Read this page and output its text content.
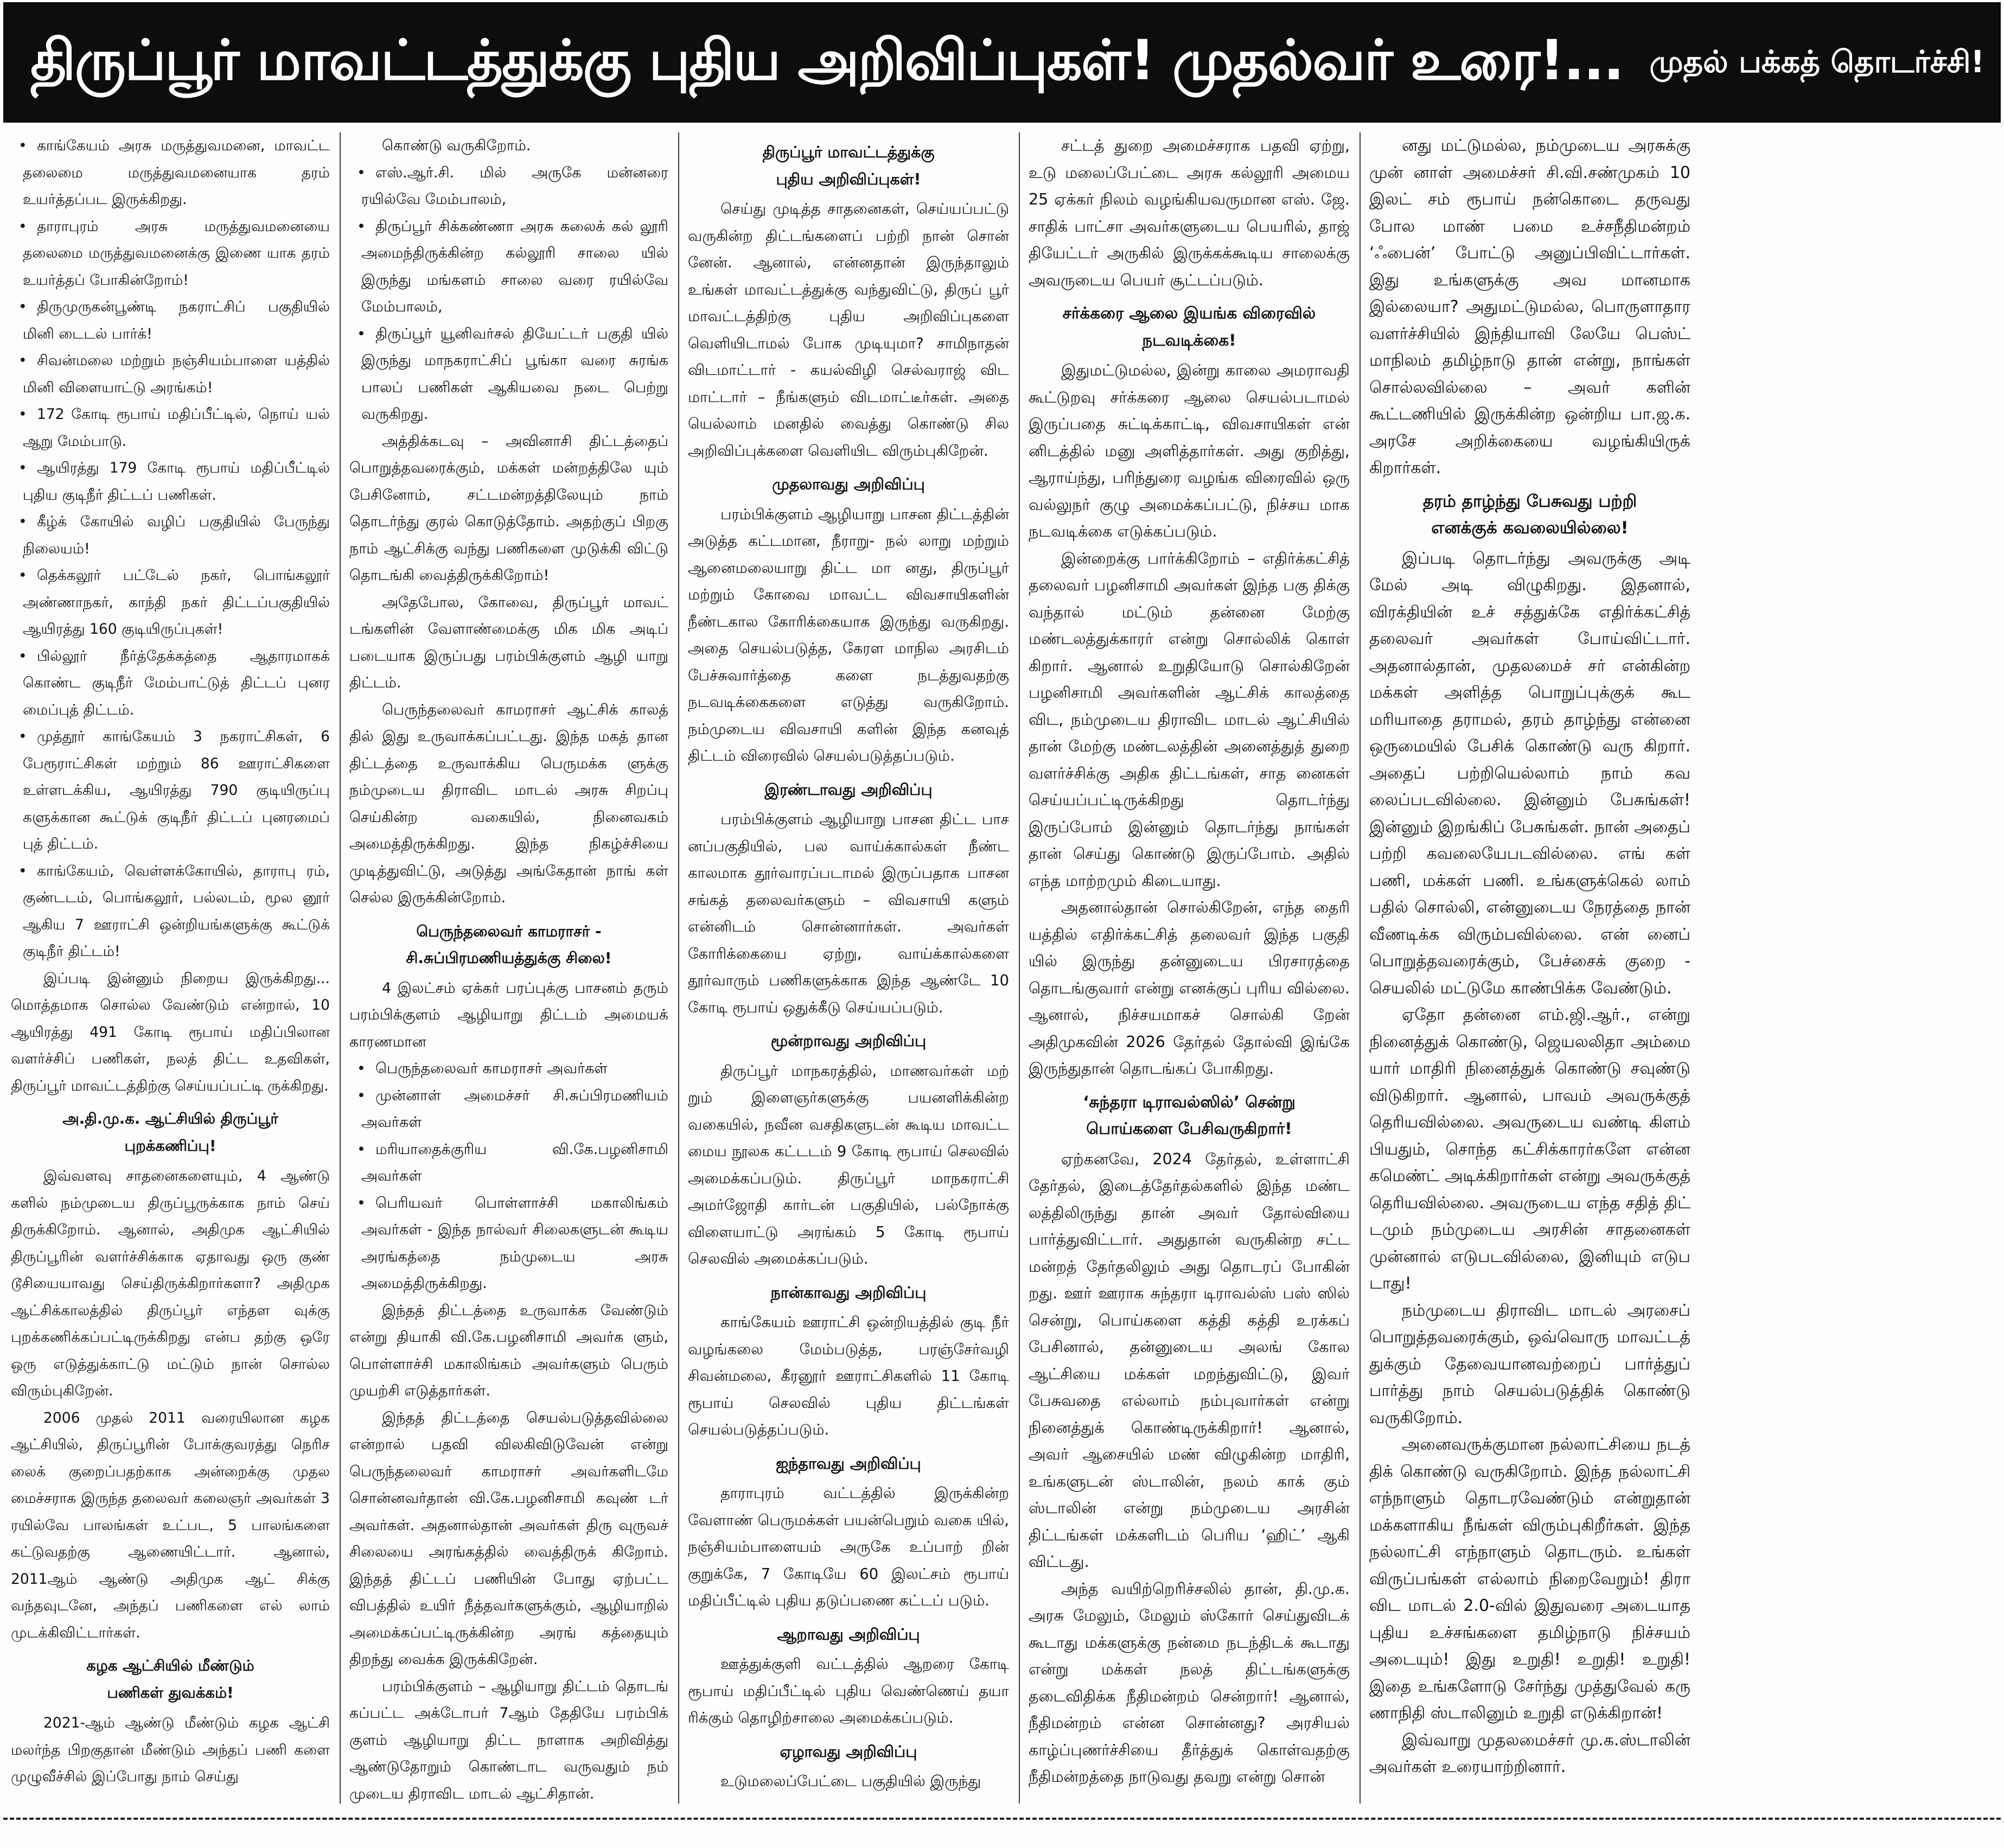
திருப்பூர் மாவட்டத்துக்கு புதிய அறிவிப்புகள்! முதல்வர் உரை!... முதல் பக்கத் தொடர்ச்சி!

• காங்கேயம் அரசு மருத்துவமனை, மாவட்ட தலைமை மருத்துவமனையாக தரம் உயர்த்தப்பட இருக்கிறது.

• தாராபுரம் அரசு மருத்துவமனையை தலைமை மருத்துவமனைக்கு இணை யாக தரம் உயர்த்தப் போகின்றோம்!

• திருமுருகன்பூண்டி நகராட்சிப் பகுதியில் மினி டைடல் பார்க்!

• சிவன்மலை மற்றும் நஞ்சியம்பாளை யத்தில் மினி விளையாட்டு அரங்கம்!

• 172 கோடி ரூபாய் மதிப்பீட்டில், நொய் யல் ஆறு மேம்பாடு.

• ஆயிரத்து 179 கோடி ரூபாய் மதிப்பீட்டில் புதிய குடிநீர் திட்டப் பணிகள்.

• கீழ்க் கோயில் வழிப் பகுதியில் பேருந்து நிலையம்!

• தெக்கலூர் பட்டேல் நகர், பொங்கலூர் அண்ணாநகர், காந்தி நகர் திட்டப்பகுதியில் ஆயிரத்து 160 குடியிருப்புகள்!

• பில்லூர் நீர்த்தேக்கத்தை ஆதாரமாகக் கொண்ட குடிநீர் மேம்பாட்டுத் திட்டப் புனர மைப்புத் திட்டம்.

• முத்தூர் காங்கேயம் 3 நகராட்சிகள், 6 பேரூராட்சிகள் மற்றும் 86 ஊராட்சிகளை உள்ளடக்கிய, ஆயிரத்து 790 குடியிருப்பு களுக்கான கூட்டுக் குடிநீர் திட்டப் புனரமைப் புத் திட்டம்.

• காங்கேயம், வெள்ளக்கோயில், தாராபு ரம், குண்டடம், பொங்கலூர், பல்லடம், மூல னூர் ஆகிய 7 ஊராட்சி ஒன்றியங்களுக்கு கூட்டுக் குடிநீர் திட்டம்!

இப்படி இன்னும் நிறைய இருக்கிறது... மொத்தமாக சொல்ல வேண்டும் என்றால், 10 ஆயிரத்து 491 கோடி ரூபாய் மதிப்பிலான வளர்ச்சிப் பணிகள், நலத் திட்ட உதவிகள், திருப்பூர் மாவட்டத்திற்கு செய்யப்பட்டி ருக்கிறது.

அ.தி.மு.க. ஆட்சியில் திருப்பூர்
புறக்கணிப்பு!

இவ்வளவு சாதனைகளையும், 4 ஆண்டு களில் நம்முடைய திருப்பூருக்காக நாம் செய் திருக்கிறோம். ஆனால், அதிமுக ஆட்சியில் திருப்பூரின் வளர்ச்சிக்காக ஏதாவது ஒரு குண் டூசியையாவது செய்திருக்கிறார்களா? அதிமுக ஆட்சிக்காலத்தில் திருப்பூர் எந்தள வுக்கு புறக்கணிக்கப்பட்டிருக்கிறது என்ப தற்கு ஒரே ஒரு எடுத்துக்காட்டு மட்டும் நான் சொல்ல விரும்புகிறேன்.

2006 முதல் 2011 வரையிலான கழக ஆட்சியில், திருப்பூரின் போக்குவரத்து நெரிச லைக் குறைப்பதற்காக அன்றைக்கு முதல மைச்சராக இருந்த தலைவர் கலைஞர் அவர்கள் 3 ரயில்வே பாலங்கள் உட்பட, 5 பாலங்களை கட்டுவதற்கு ஆணையிட்டார். ஆனால், 2011ஆம் ஆண்டு அதிமுக ஆட் சிக்கு வந்தவுடனே, அந்தப் பணிகளை எல் லாம் முடக்கிவிட்டார்கள்.

கழக ஆட்சியில் மீண்டும்
பணிகள் துவக்கம்!

2021-ஆம் ஆண்டு மீண்டும் கழக ஆட்சி மலர்ந்த பிறகுதான் மீண்டும் அந்தப் பணி களை முழுவீச்சில் இப்போது நாம் செய்து

கொண்டு வருகிறோம்.

• எஸ்.ஆர்.சி. மில் அருகே மன்னரை ரயில்வே மேம்பாலம்,

• திருப்பூர் சிக்கண்ணா அரசு கலைக் கல் லூரி அமைந்திருக்கின்ற கல்லூரி சாலை யில் இருந்து மங்களம் சாலை வரை ரயில்வே மேம்பாலம்,

• திருப்பூர் யூனிவர்சல் தியேட்டர் பகுதி யில் இருந்து மாநகராட்சிப் பூங்கா வரை சுரங்க பாலப் பணிகள் ஆகியவை நடை பெற்று வருகிறது.

அத்திக்கடவு – அவினாசி திட்டத்தைப் பொறுத்தவரைக்கும், மக்கள் மன்றத்திலே யும் பேசினோம், சட்டமன்றத்திலேயும் நாம் தொடர்ந்து குரல் கொடுத்தோம். அதற்குப் பிறகு நாம் ஆட்சிக்கு வந்து பணிகளை முடுக்கி விட்டு தொடங்கி வைத்திருக்கிறோம்!

அதேபோல, கோவை, திருப்பூர் மாவட் டங்களின் வேளாண்மைக்கு மிக மிக அடிப் படையாக இருப்பது பரம்பிக்குளம் ஆழி யாறு திட்டம்.

பெருந்தலைவர் காமராசர் ஆட்சிக் காலத் தில் இது உருவாக்கப்பட்டது. இந்த மகத் தான திட்டத்தை உருவாக்கிய பெருமக்க ளுக்கு நம்முடைய திராவிட மாடல் அரசு சிறப்பு செய்கின்ற வகையில், நினைவகம் அமைத்திருக்கிறது. இந்த நிகழ்ச்சியை முடித்துவிட்டு, அடுத்து அங்கேதான் நாங் கள் செல்ல இருக்கின்றோம்.

பெருந்தலைவர் காமராசர் -
சி.சுப்பிரமணியத்துக்கு சிலை!

4 இலட்சம் ஏக்கர் பரப்புக்கு பாசனம் தரும் பரம்பிக்குளம் ஆழியாறு திட்டம் அமையக் காரணமான

• பெருந்தலைவர் காமராசர் அவர்கள்

• முன்னாள் அமைச்சர் சி.சுப்பிரமணியம் அவர்கள்

• மரியாதைக்குரிய வி.கே.பழனிசாமி அவர்கள்

• பெரியவர் பொள்ளாச்சி மகாலிங்கம் அவர்கள் - இந்த நால்வர் சிலைகளுடன் கூடிய அரங்கத்தை நம்முடைய அரசு அமைத்திருக்கிறது.

இந்தத் திட்டத்தை உருவாக்க வேண்டும் என்று தியாகி வி.கே.பழனிசாமி அவர்க ளும், பொள்ளாச்சி மகாலிங்கம் அவர்களும் பெரும் முயற்சி எடுத்தார்கள்.

இந்தத் திட்டத்தை செயல்படுத்தவில்லை என்றால் பதவி விலகிவிடுவேன் என்று பெருந்தலைவர் காமராசர் அவர்களிடமே சொன்னவர்தான் வி.கே.பழனிசாமி கவுண் டர் அவர்கள். அதனால்தான் அவர்கள் திரு வுருவச் சிலையை அரங்கத்தில் வைத்திருக் கிறோம். இந்தத் திட்டப் பணியின் போது ஏற்பட்ட விபத்தில் உயிர் நீத்தவர்களுக்கும், ஆழியாறில் அமைக்கப்பட்டிருக்கின்ற அரங் கத்தையும் திறந்து வைக்க இருக்கிறேன்.

பரம்பிக்குளம் – ஆழியாறு திட்டம் தொடங் கப்பட்ட அக்டோபர் 7ஆம் தேதியே பரம்பிக் குளம் ஆழியாறு திட்ட நாளாக அறிவித்து ஆண்டுதோறும் கொண்டாட வருவதும் நம் முடைய திராவிட மாடல் ஆட்சிதான்.

திருப்பூர் மாவட்டத்துக்கு
புதிய அறிவிப்புகள்!

செய்து முடித்த சாதனைகள், செய்யப்பட்டு வருகின்ற திட்டங்களைப் பற்றி நான் சொன் னேன். ஆனால், என்னதான் இருந்தாலும் உங்கள் மாவட்டத்துக்கு வந்துவிட்டு, திருப் பூர் மாவட்டத்திற்கு புதிய அறிவிப்புகளை வெளியிடாமல் போக முடியுமா? சாமிநாதன் விடமாட்டார் - கயல்விழி செல்வராஜ் விட மாட்டார் – நீங்களும் விடமாட்டீர்கள். அதை யெல்லாம் மனதில் வைத்து கொண்டு சில அறிவிப்புக்களை வெளியிட விரும்புகிறேன்.

முதலாவது அறிவிப்பு

பரம்பிக்குளம் ஆழியாறு பாசன திட்டத்தின் அடுத்த கட்டமான, நீராறு- நல் லாறு மற்றும் ஆனைமலையாறு திட்ட மா னது, திருப்பூர் மற்றும் கோவை மாவட்ட விவசாயிகளின் நீண்டகால கோரிக்கையாக இருந்து வருகிறது. அதை செயல்படுத்த, கேரள மாநில அரசிடம் பேச்சுவார்த்தை களை நடத்துவதற்கு நடவடிக்கைகளை எடுத்து வருகிறோம். நம்முடைய விவசாயி களின் இந்த கனவுத் திட்டம் விரைவில் செயல்படுத்தப்படும்.

இரண்டாவது அறிவிப்பு

பரம்பிக்குளம் ஆழியாறு பாசன திட்ட பாச னப்பகுதியில், பல வாய்க்கால்கள் நீண்ட காலமாக தூர்வாரப்படாமல் இருப்பதாக பாசன சங்கத் தலைவர்களும் – விவசாயி களும் என்னிடம் சொன்னார்கள். அவர்கள் கோரிக்கையை ஏற்று, வாய்க்கால்களை தூர்வாரும் பணிகளுக்காக இந்த ஆண்டே 10 கோடி ரூபாய் ஒதுக்கீடு செய்யப்படும்.

மூன்றாவது அறிவிப்பு

திருப்பூர் மாநகரத்தில், மாணவர்கள் மற் றும் இளைஞர்களுக்கு பயனளிக்கின்ற வகையில், நவீன வசதிகளுடன் கூடிய மாவட்ட மைய நூலக கட்டடம் 9 கோடி ரூபாய் செலவில் அமைக்கப்படும். திருப்பூர் மாநகராட்சி அமர்ஜோதி கார்டன் பகுதியில், பல்நோக்கு விளையாட்டு அரங்கம் 5 கோடி ரூபாய் செலவில் அமைக்கப்படும்.

நான்காவது அறிவிப்பு

காங்கேயம் ஊராட்சி ஒன்றியத்தில் குடி நீர் வழங்கலை மேம்படுத்த, பரஞ்சேர்வழி சிவன்மலை, கீரனூர் ஊராட்சிகளில் 11 கோடி ரூபாய் செலவில் புதிய திட்டங்கள் செயல்படுத்தப்படும்.

ஐந்தாவது அறிவிப்பு

தாராபுரம் வட்டத்தில் இருக்கின்ற வேளாண் பெருமக்கள் பயன்பெறும் வகை யில், நஞ்சியம்பாளையம் அருகே உப்பாற் றின் குறுக்கே, 7 கோடியே 60 இலட்சம் ரூபாய் மதிப்பீட்டில் புதிய தடுப்பணை கட்டப் படும்.

ஆறாவது அறிவிப்பு

ஊத்துக்குளி வட்டத்தில் ஆறரை கோடி ரூபாய் மதிப்பீட்டில் புதிய வெண்ணெய் தயா ரிக்கும் தொழிற்சாலை அமைக்கப்படும்.

ஏழாவது அறிவிப்பு

உடுமலைப்பேட்டை பகுதியில் இருந்து

சட்டத் துறை அமைச்சராக பதவி ஏற்று, உடு மலைப்பேட்டை அரசு கல்லூரி அமைய 25 ஏக்கர் நிலம் வழங்கியவருமான எஸ். ஜே. சாதிக் பாட்சா அவர்களுடைய பெயரில், தாஜ் தியேட்டர் அருகில் இருக்கக்கூடிய சாலைக்கு அவருடைய பெயர் சூட்டப்படும்.

சர்க்கரை ஆலை இயங்க விரைவில்
நடவடிக்கை!

இதுமட்டுமல்ல, இன்று காலை அமராவதி கூட்டுறவு சர்க்கரை ஆலை செயல்படாமல் இருப்பதை சுட்டிக்காட்டி, விவசாயிகள் என் னிடத்தில் மனு அளித்தார்கள். அது குறித்து, ஆராய்ந்து, பரிந்துரை வழங்க விரைவில் ஒரு வல்லுநர் குழு அமைக்கப்பட்டு, நிச்சய மாக நடவடிக்கை எடுக்கப்படும்.

இன்றைக்கு பார்க்கிறோம் – எதிர்க்கட்சித் தலைவர் பழனிசாமி அவர்கள் இந்த பகு திக்கு வந்தால் மட்டும் தன்னை மேற்கு மண்டலத்துக்காரர் என்று சொல்லிக் கொள் கிறார். ஆனால் உறுதியோடு சொல்கிறேன் பழனிசாமி அவர்களின் ஆட்சிக் காலத்தை விட, நம்முடைய திராவிட மாடல் ஆட்சியில் தான் மேற்கு மண்டலத்தின் அனைத்துத் துறை வளர்ச்சிக்கு அதிக திட்டங்கள், சாத னைகள் செய்யப்பட்டிருக்கிறது தொடர்ந்து இருப்போம் இன்னும் தொடர்ந்து நாங்கள் தான் செய்து கொண்டு இருப்போம். அதில் எந்த மாற்றமும் கிடையாது.

அதனால்தான் சொல்கிறேன், எந்த தைரி யத்தில் எதிர்க்கட்சித் தலைவர் இந்த பகுதி யில் இருந்து தன்னுடைய பிரசாரத்தை தொடங்குவார் என்று எனக்குப் புரிய வில்லை. ஆனால், நிச்சயமாகச் சொல்கி றேன் அதிமுகவின் 2026 தேர்தல் தோல்வி இங்கே இருந்துதான் தொடங்கப் போகிறது.

‘சுந்தரா டிராவல்ஸில்’ சென்று
பொய்களை பேசிவருகிறார்!

ஏற்கனவே, 2024 தேர்தல், உள்ளாட்சி தேர்தல், இடைத்தேர்தல்களில் இந்த மண்ட லத்திலிருந்து தான் அவர் தோல்வியை பார்த்துவிட்டார். அதுதான் வருகின்ற சட்ட மன்றத் தேர்தலிலும் அது தொடரப் போகின் றது. ஊர் ஊராக சுந்தரா டிராவல்ஸ் பஸ் ஸில் சென்று, பொய்களை கத்தி கத்தி உரக்கப் பேசினால், தன்னுடைய அலங் கோல ஆட்சியை மக்கள் மறந்துவிட்டு, இவர் பேசுவதை எல்லாம் நம்புவார்கள் என்று நினைத்துக் கொண்டிருக்கிறார்! ஆனால், அவர் ஆசையில் மண் விழுகின்ற மாதிரி, உங்களுடன் ஸ்டாலின், நலம் காக் கும் ஸ்டாலின் என்று நம்முடைய அரசின் திட்டங்கள் மக்களிடம் பெரிய ‘ஹிட்’ ஆகி விட்டது.

அந்த வயிற்றெரிச்சலில் தான், தி.மு.க. அரசு மேலும், மேலும் ஸ்கோர் செய்துவிடக் கூடாது மக்களுக்கு நன்மை நடந்திடக் கூடாது என்று மக்கள் நலத் திட்டங்களுக்கு தடைவிதிக்க நீதிமன்றம் சென்றார்! ஆனால், நீதிமன்றம் என்ன சொன்னது? அரசியல் காழ்ப்புணர்ச்சியை தீர்த்துக் கொள்வதற்கு நீதிமன்றத்தை நாடுவது தவறு என்று சொன்

னது மட்டுமல்ல, நம்முடைய அரசுக்கு முன் னாள் அமைச்சர் சி.வி.சண்முகம் 10 இலட் சம் ரூபாய் நன்கொடை தருவது போல மாண் பமை உச்சநீதிமன்றம் ‘ஃபைன்’ போட்டு அனுப்பிவிட்டார்கள். இது உங்களுக்கு அவ மானமாக இல்லையா? அதுமட்டுமல்ல, பொருளாதார வளர்ச்சியில் இந்தியாவி லேயே பெஸ்ட் மாநிலம் தமிழ்நாடு தான் என்று, நாங்கள் சொல்லவில்லை – அவர் களின் கூட்டணியில் இருக்கின்ற ஒன்றிய பா.ஜ.க. அரசே அறிக்கையை வழங்கியிருக் கிறார்கள்.

தரம் தாழ்ந்து பேசுவது பற்றி
எனக்குக் கவலையில்லை!

இப்படி தொடர்ந்து அவருக்கு அடி மேல் அடி விழுகிறது. இதனால், விரக்தியின் உச் சத்துக்கே எதிர்க்கட்சித் தலைவர் அவர்கள் போய்விட்டார். அதனால்தான், முதலமைச் சர் என்கின்ற மக்கள் அளித்த பொறுப்புக்குக் கூட மரியாதை தராமல், தரம் தாழ்ந்து என்னை ஒருமையில் பேசிக் கொண்டு வரு கிறார். அதைப் பற்றியெல்லாம் நாம் கவ லைப்படவில்லை. இன்னும் பேசுங்கள்! இன்னும் இறங்கிப் பேசுங்கள். நான் அதைப் பற்றி கவலையேபடவில்லை. எங் கள் பணி, மக்கள் பணி. உங்களுக்கெல் லாம் பதில் சொல்லி, என்னுடைய நேரத்தை நான் வீணடிக்க விரும்பவில்லை. என் னைப் பொறுத்தவரைக்கும், பேச்சைக் குறை - செயலில் மட்டுமே காண்பிக்க வேண்டும்.

ஏதோ தன்னை எம்.ஜி.ஆர்., என்று நினைத்துக் கொண்டு, ஜெயலலிதா அம்மை யார் மாதிரி நினைத்துக் கொண்டு சவுண்டு விடுகிறார். ஆனால், பாவம் அவருக்குத் தெரியவில்லை. அவருடைய வண்டி கிளம் பியதும், சொந்த கட்சிக்காரர்களே என்ன கமெண்ட் அடிக்கிறார்கள் என்று அவருக்குத் தெரியவில்லை. அவருடைய எந்த சதித் திட் டமும் நம்முடைய அரசின் சாதனைகள் முன்னால் எடுபடவில்லை, இனியும் எடுப டாது!

நம்முடைய திராவிட மாடல் அரசைப் பொறுத்தவரைக்கும், ஒவ்வொரு மாவட்டத் துக்கும் தேவையானவற்றைப் பார்த்துப் பார்த்து நாம் செயல்படுத்திக் கொண்டு வருகிறோம்.

அனைவருக்குமான நல்லாட்சியை நடத் திக் கொண்டு வருகிறோம். இந்த நல்லாட்சி எந்நாளும் தொடரவேண்டும் என்றுதான் மக்களாகிய நீங்கள் விரும்புகிறீர்கள். இந்த நல்லாட்சி எந்நாளும் தொடரும். உங்கள் விருப்பங்கள் எல்லாம் நிறைவேறும்! திரா விட மாடல் 2.0-வில் இதுவரை அடையாத புதிய உச்சங்களை தமிழ்நாடு நிச்சயம் அடையும்! இது உறுதி! உறுதி! உறுதி! இதை உங்களோடு சேர்ந்து முத்துவேல் கரு ணாநிதி ஸ்டாலினும் உறுதி எடுக்கிறான்!

இவ்வாறு முதலமைச்சர் மு.க.ஸ்டாலின் அவர்கள் உரையாற்றினார்.
